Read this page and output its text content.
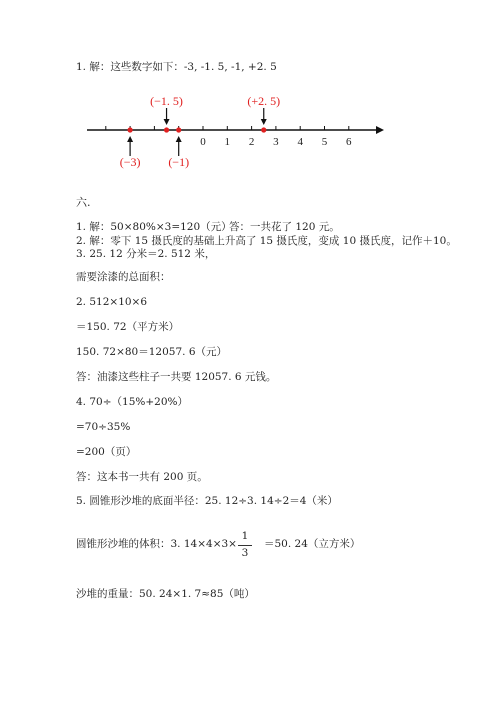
1. 解：这些数字如下：-3, -1. 5, -1, +2. 5
0 1 2 3 4 5 6
(−3)
(−1. 5)
(−1)
(+2. 5)
六.
1. 解：50×80%×3=120（元）
答：一共花了 120 元。
2. 解：零下 15 摄氏度的基础上升高了 15 摄氏度，变成 10 摄氏度，记作＋10。
3. 25. 12 分米＝2. 512 米，
需要涂漆的总面积：
2. 512×10×6
＝150. 72（平方米）
150. 72×80＝12057. 6（元）
答：油漆这些柱子一共要 12057. 6 元钱。
4. 70÷（15%+20%）
=70÷35%
=200（页）
答：这本书一共有 200 页。
5. 圆锥形沙堆的底面半径：25. 12÷3. 14÷2＝4（米）
圆锥形沙堆的体积：3. 14×4×3×
1
3
＝50. 24（立方米）
沙堆的重量：50. 24×1. 7≈85（吨）
